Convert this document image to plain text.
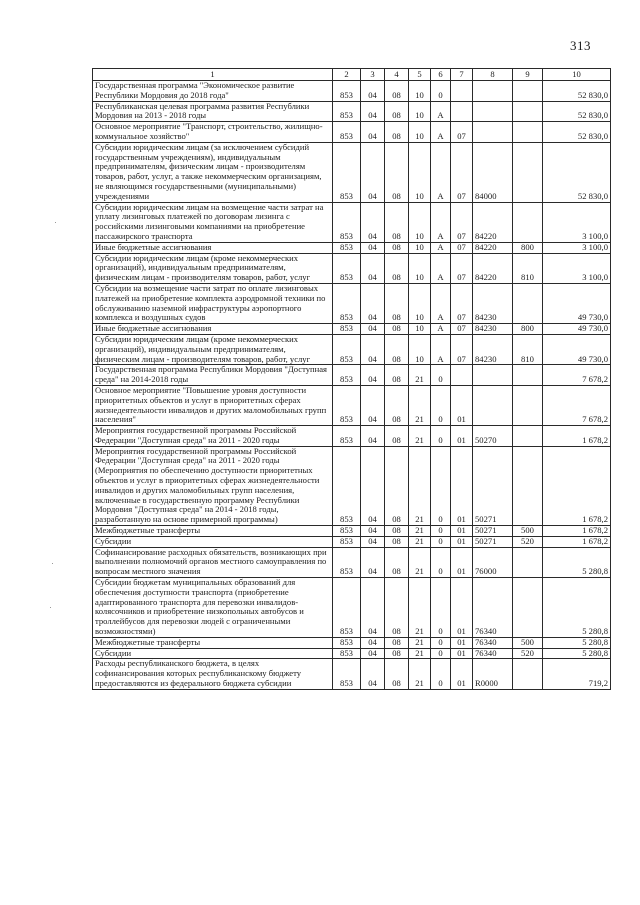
313
1	2	3	4	5	6	7	8	9	10
Государственная программа "Экономическое развитие Республики Мордовия до 2018 года"	853	04	08	10	0				52 830,0
Республиканская целевая программа развития Республики Мордовия на 2013 - 2018 годы	853	04	08	10	А				52 830,0
Основное мероприятие "Транспорт, строительство, жилищно-коммунальное хозяйство"	853	04	08	10	А	07			52 830,0
Субсидии юридическим лицам (за исключением субсидий государственным учреждениям), индивидуальным предпринимателям, физическим лицам - производителям товаров, работ, услуг, а также некоммерческим организациям, не являющимся государственными (муниципальными) учреждениями	853	04	08	10	А	07	84000		52 830,0
Субсидии юридическим лицам на возмещение части затрат на уплату лизинговых платежей по договорам лизинга с российскими лизинговыми компаниями на приобретение пассажирского транспорта	853	04	08	10	А	07	84220		3 100,0
Иные бюджетные ассигнования	853	04	08	10	А	07	84220	800	3 100,0
Субсидии юридическим лицам (кроме некоммерческих организаций), индивидуальным предпринимателям, физическим лицам - производителям товаров, работ, услуг	853	04	08	10	А	07	84220	810	3 100,0
Субсидии на возмещение части затрат по оплате лизинговых платежей на приобретение комплекта аэродромной техники по обслуживанию наземной инфраструктуры аэропортного комплекса и воздушных судов	853	04	08	10	А	07	84230		49 730,0
Иные бюджетные ассигнования	853	04	08	10	А	07	84230	800	49 730,0
Субсидии юридическим лицам (кроме некоммерческих организаций), индивидуальным предпринимателям, физическим лицам - производителям товаров, работ, услуг	853	04	08	10	А	07	84230	810	49 730,0
Государственная программа Республики Мордовия "Доступная среда" на 2014-2018 годы	853	04	08	21	0				7 678,2
Основное мероприятие "Повышение уровня доступности приоритетных объектов и услуг в приоритетных сферах жизнедеятельности инвалидов и других маломобильных групп населения"	853	04	08	21	0	01			7 678,2
Мероприятия государственной программы Российской Федерации "Доступная среда" на 2011 - 2020 годы	853	04	08	21	0	01	50270		1 678,2
Мероприятия государственной программы Российской Федерации "Доступная среда" на 2011 - 2020 годы (Мероприятия по обеспечению доступности приоритетных объектов и услуг в приоритетных сферах жизнедеятельности инвалидов и других маломобильных групп населения, включенные в государственную программу Республики Мордовия "Доступная среда" на 2014 - 2018 годы, разработанную на основе примерной программы)	853	04	08	21	0	01	50271		1 678,2
Межбюджетные трансферты	853	04	08	21	0	01	50271	500	1 678,2
Субсидии	853	04	08	21	0	01	50271	520	1 678,2
Софинансирование расходных обязательств, возникающих при выполнении полномочий органов местного самоуправления по вопросам местного значения	853	04	08	21	0	01	76000		5 280,8
Субсидии бюджетам муниципальных образований для обеспечения доступности транспорта (приобретение адаптированного транспорта для перевозки инвалидов-колясочников и приобретение низкопольных автобусов и троллейбусов для перевозки людей с ограниченными возможностями)	853	04	08	21	0	01	76340		5 280,8
Межбюджетные трансферты	853	04	08	21	0	01	76340	500	5 280,8
Субсидии	853	04	08	21	0	01	76340	520	5 280,8
Расходы республиканского бюджета, в целях софинансирования которых республиканскому бюджету предоставляются из федерального бюджета субсидии	853	04	08	21	0	01	R0000		719,2
